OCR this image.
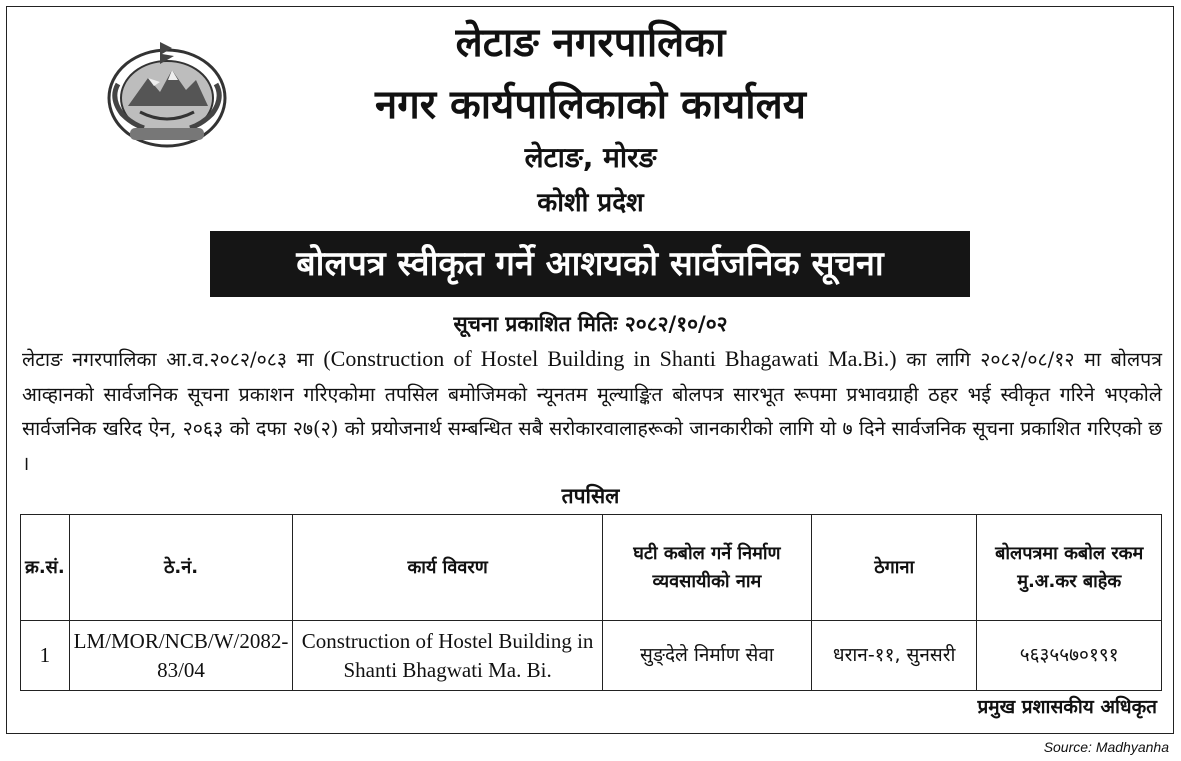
लेटाङ नगरपालिका
नगर कार्यपालिकाको कार्यालय
लेटाङ, मोरङ
कोशी प्रदेश
बोलपत्र स्वीकृत गर्ने आशयको सार्वजनिक सूचना
सूचना प्रकाशित मितिः २०८२/१०/०२
लेटाङ नगरपालिका आ.व.२०८२/०८३ मा (Construction of Hostel Building in Shanti Bhagawati Ma.Bi.) का लागि २०८२/०८/१२ मा बोलपत्र आव्हानको सार्वजनिक सूचना प्रकाशन गरिएकोमा तपसिल बमोजिमको न्यूनतम मूल्याङ्कित बोलपत्र सारभूत रूपमा प्रभावग्राही ठहर भई स्वीकृत गरिने भएकोले सार्वजनिक खरिद ऐन, २०६३ को दफा २७(२) को प्रयोजनार्थ सम्बन्धित सबै सरोकारवालाहरूको जानकारीको लागि यो ७ दिने सार्वजनिक सूचना प्रकाशित गरिएको छ ।
तपसिल
क्र.सं.	ठे.नं.	कार्य विवरण	घटी कबोल गर्ने निर्माण व्यवसायीको नाम	ठेगाना	बोलपत्रमा कबोल रकम मु.अ.कर बाहेक
1	LM/MOR/NCB/W/2082-83/04	Construction of Hostel Building in Shanti Bhagwati Ma. Bi.	सुङ्देले निर्माण सेवा	धरान-११, सुनसरी	५६३५५७०१९१
प्रमुख प्रशासकीय अधिकृत
Source: Madhyanha
